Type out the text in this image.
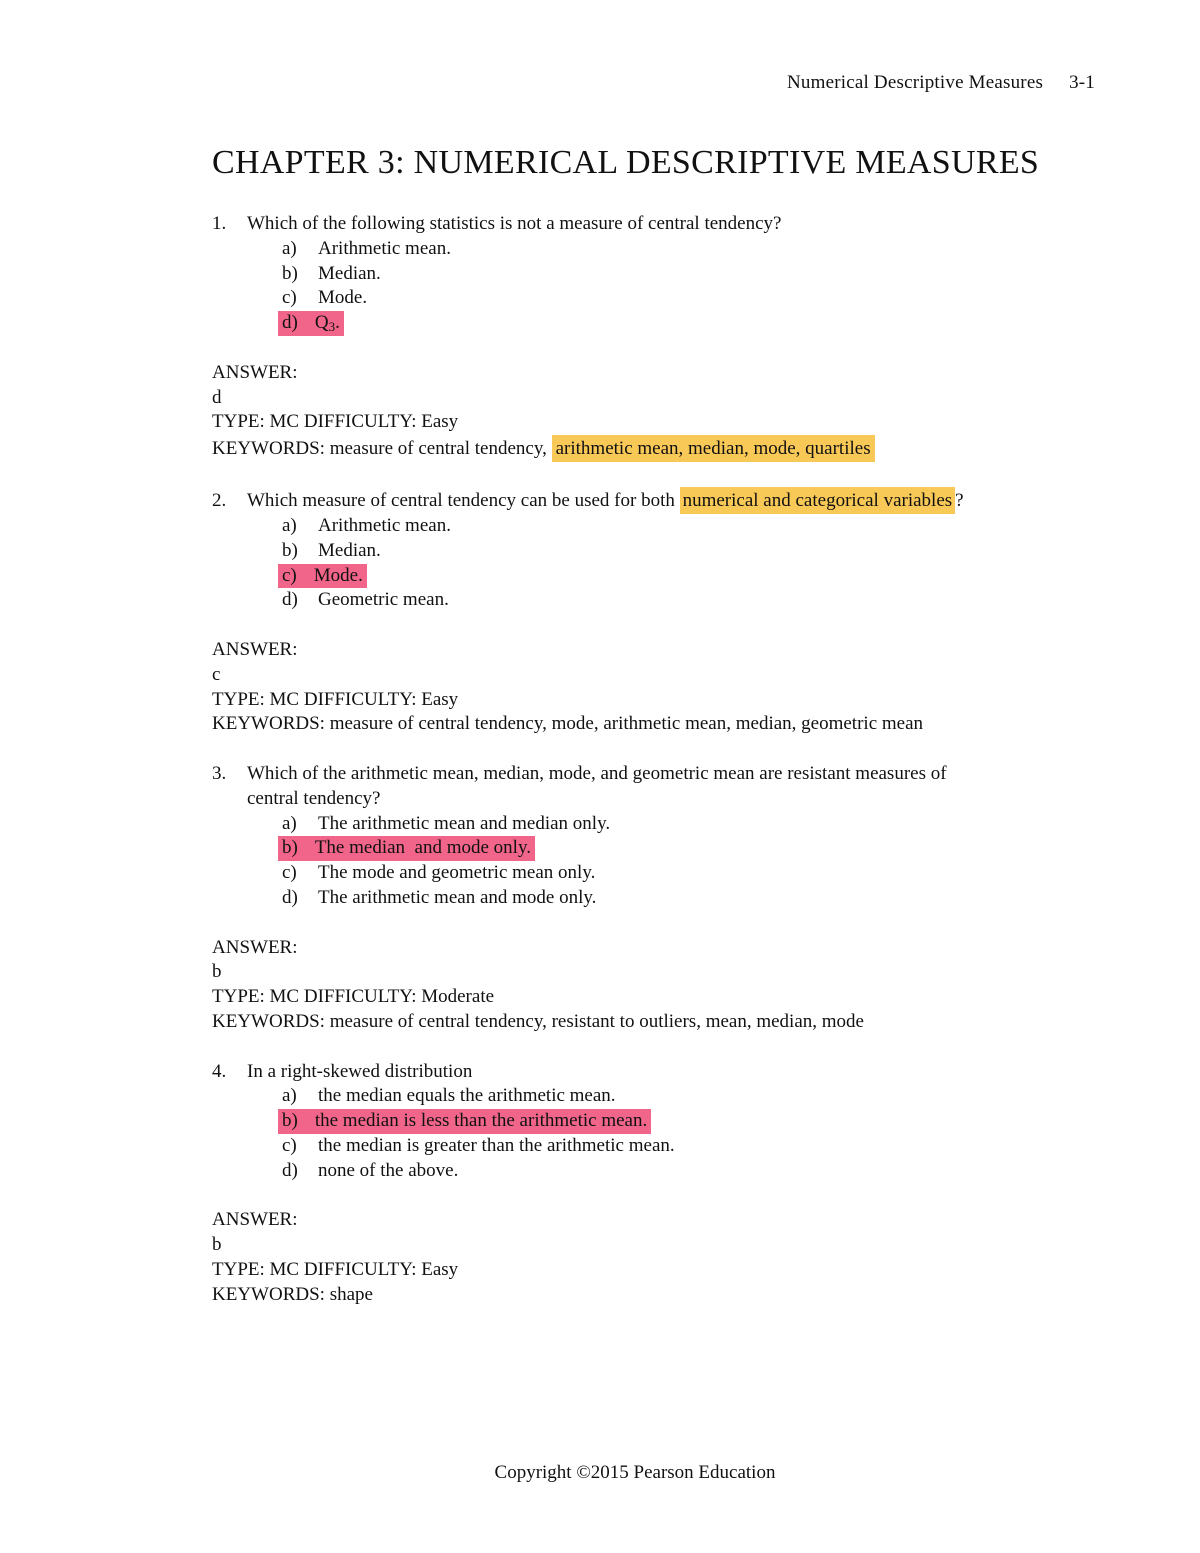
Numerical Descriptive Measures 3-1
CHAPTER 3: NUMERICAL DESCRIPTIVE MEASURES
1. Which of the following statistics is not a measure of central tendency?
a) Arithmetic mean.
b) Median.
c) Mode.
d) $Q_3$.
ANSWER:
d
TYPE: MC DIFFICULTY: Easy
KEYWORDS: measure of central tendency, arithmetic mean, median, mode, quartiles
2. Which measure of central tendency can be used for both numerical and categorical variables ?
a) Arithmetic mean.
b) Median.
c) Mode.
d) Geometric mean.
ANSWER:
c
TYPE: MC DIFFICULTY: Easy
KEYWORDS: measure of central tendency, mode, arithmetic mean, median, geometric mean
3. Which of the arithmetic mean, median, mode, and geometric mean are resistant measures of
central tendency?
a) The arithmetic mean and median only.
b) The median  and mode only.
c) The mode and geometric mean only.
d) The arithmetic mean and mode only.
ANSWER:
b
TYPE: MC DIFFICULTY: Moderate
KEYWORDS: measure of central tendency, resistant to outliers, mean, median, mode
4. In a right-skewed distribution
a) the median equals the arithmetic mean.
b) the median is less than the arithmetic mean.
c) the median is greater than the arithmetic mean.
d) none of the above.
ANSWER:
b
TYPE: MC DIFFICULTY: Easy
KEYWORDS: shape
Copyright ©2015 Pearson Education
